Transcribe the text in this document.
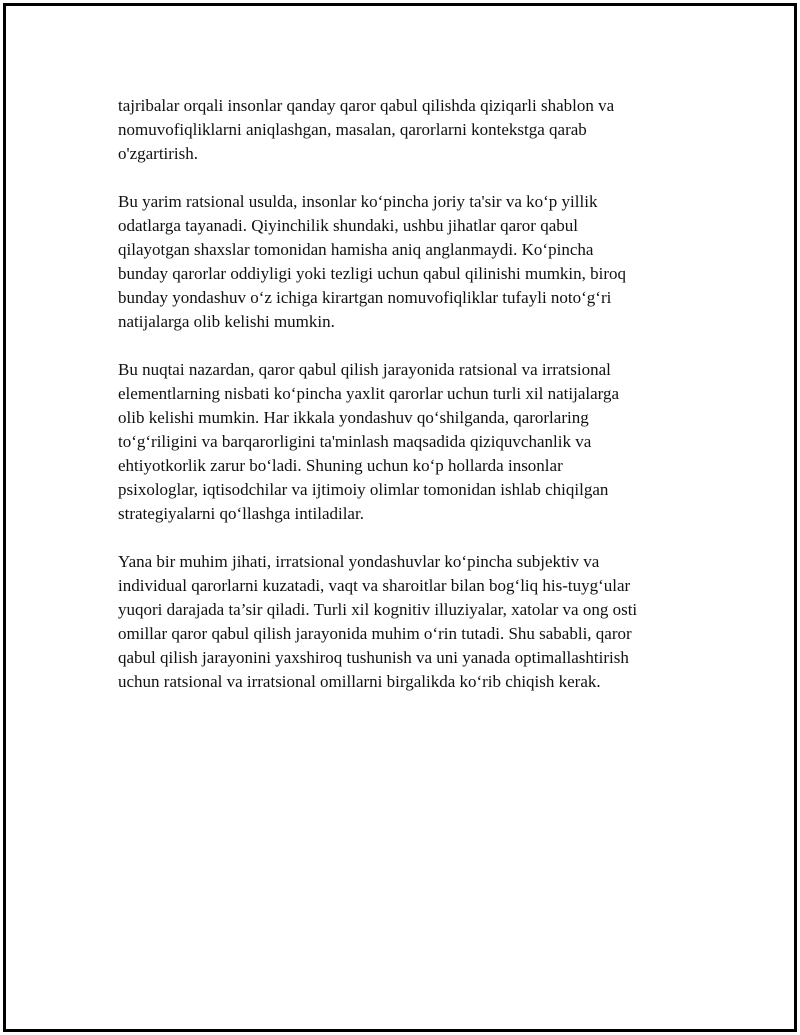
tajribalar orqali insonlar qanday qaror qabul qilishda qiziqarli shablon va
nomuvofiqliklarni aniqlashgan, masalan, qarorlarni kontekstga qarab
o'zgartirish.

Bu yarim ratsional usulda, insonlar ko‘pincha joriy ta'sir va ko‘p yillik
odatlarga tayanadi. Qiyinchilik shundaki, ushbu jihatlar qaror qabul
qilayotgan shaxslar tomonidan hamisha aniq anglanmaydi. Ko‘pincha
bunday qarorlar oddiyligi yoki tezligi uchun qabul qilinishi mumkin, biroq
bunday yondashuv o‘z ichiga kirartgan nomuvofiqliklar tufayli noto‘g‘ri
natijalarga olib kelishi mumkin.

Bu nuqtai nazardan, qaror qabul qilish jarayonida ratsional va irratsional
elementlarning nisbati ko‘pincha yaxlit qarorlar uchun turli xil natijalarga
olib kelishi mumkin. Har ikkala yondashuv qo‘shilganda, qarorlaring
to‘g‘riligini va barqarorligini ta'minlash maqsadida qiziquvchanlik va
ehtiyotkorlik zarur bo‘ladi. Shuning uchun ko‘p hollarda insonlar
psixologlar, iqtisodchilar va ijtimoiy olimlar tomonidan ishlab chiqilgan
strategiyalarni qo‘llashga intiladilar.

Yana bir muhim jihati, irratsional yondashuvlar ko‘pincha subjektiv va
individual qarorlarni kuzatadi, vaqt va sharoitlar bilan bog‘liq his-tuyg‘ular
yuqori darajada ta’sir qiladi. Turli xil kognitiv illuziyalar, xatolar va ong osti
omillar qaror qabul qilish jarayonida muhim o‘rin tutadi. Shu sababli, qaror
qabul qilish jarayonini yaxshiroq tushunish va uni yanada optimallashtirish
uchun ratsional va irratsional omillarni birgalikda ko‘rib chiqish kerak.
